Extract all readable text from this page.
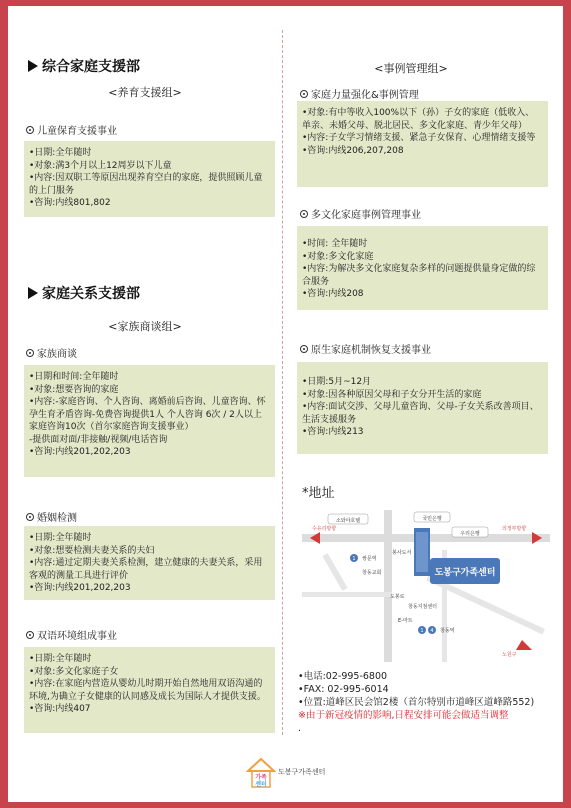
综合家庭支援部
<养育支援组>
儿童保育支援事业
•日期:全年随时
•对象:满3个月以上12周岁以下儿童
•内容:因双职工等原因出现养育空白的家庭，提供照顾儿童的上门服务
•咨询:内线801,802
家庭关系支援部
<家族商谈组>
家族商谈
•日期和时间:全年随时
•对象:想要咨询的家庭
•内容:-家庭咨询、个人咨询、离婚前后咨询、儿童咨询、怀孕生育矛盾咨询-免费咨询提供1人 个人咨询 6次 / 2人以上 家庭咨询10次（首尔家庭咨询支援事业）
-提供面对面/非接触/视频/电话咨询
•咨询:内线201,202,203
婚姻检测
•日期:全年随时
•对象:想要检测夫妻关系的夫妇
•内容:通过定期夫妻关系检测，建立健康的夫妻关系，采用客观的测量工具进行评价
•咨询:内线201,202,203
双语环境组成事业
•日期:全年随时
•对象:多文化家庭子女
•内容:在家庭内营造从婴幼儿时期开始自然地用双语沟通的环境,为确立子女健康的认同感及成长为国际人才提供支援。
•咨询:内线407
<事例管理组>
家庭力量强化&事例管理
•对象:有中等收入100%以下（孙）子女的家庭（低收入、单亲、未婚父母、脱北居民、多文化家庭、青少年父母）
•内容:子女学习情绪支援、紧急子女保育、心理情绪支援等
•咨询:内线206,207,208
多文化家庭事例管理事业
•时间: 全年随时
•对象:多文化家庭
•内容:为解决多文化家庭复杂多样的问题提供量身定做的综合服务
•咨询:内线208
原生家庭机制恢复支援事业
•日期:5月~12月
•对象:因各种原因父母和子女分开生活的家庭
•内容:面试交涉、父母儿童咨询、父母-子女关系改善项目、生活支援服务
•咨询:内线213
*地址
소와야호텔	국민은행
수유리방향
우리은행
의정부방향
도봉구가족센터
1 쌍문역
봉사도서
창동교회
도봉로
창동지점센터
E-마트
1 4 창동역
노원구
•电话:02-995-6800
•FAX: 02-995-6014
•位置:道峰区民会馆2楼（首尔特别市道峰区道峰路552)
※由于新冠疫情的影响,日程安排可能会做适当调整
.
가족
센터
도봉구가족센터
